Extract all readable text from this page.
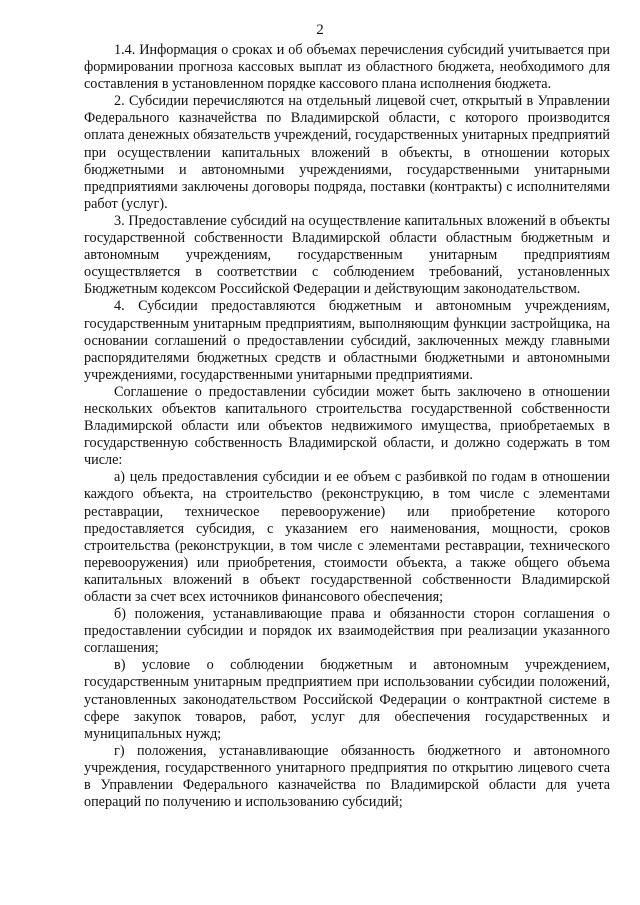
2

1.4. Информация о сроках и об объемах перечисления субсидий учитывается при формировании прогноза кассовых выплат из областного бюджета, необходимого для составления в установленном порядке кассового плана исполнения бюджета.

2. Субсидии перечисляются на отдельный лицевой счет, открытый в Управлении Федерального казначейства по Владимирской области, с которого производится оплата денежных обязательств учреждений, государственных унитарных предприятий при осуществлении капитальных вложений в объекты, в отношении которых бюджетными и автономными учреждениями, государственными унитарными предприятиями заключены договоры подряда, поставки (контракты) с исполнителями работ (услуг).

3. Предоставление субсидий на осуществление капитальных вложений в объекты государственной собственности Владимирской области областным бюджетным и автономным учреждениям, государственным унитарным предприятиям осуществляется в соответствии с соблюдением требований, установленных Бюджетным кодексом Российской Федерации и действующим законодательством.

4. Субсидии предоставляются бюджетным и автономным учреждениям, государственным унитарным предприятиям, выполняющим функции застройщика, на основании соглашений о предоставлении субсидий, заключенных между главными распорядителями бюджетных средств и областными бюджетными и автономными учреждениями, государственными унитарными предприятиями.

Соглашение о предоставлении субсидии может быть заключено в отношении нескольких объектов капитального строительства государственной собственности Владимирской области или объектов недвижимого имущества, приобретаемых в государственную собственность Владимирской области, и должно содержать в том числе:

а) цель предоставления субсидии и ее объем с разбивкой по годам в отношении каждого объекта, на строительство (реконструкцию, в том числе с элементами реставрации, техническое перевооружение) или приобретение которого предоставляется субсидия, с указанием его наименования, мощности, сроков строительства (реконструкции, в том числе с элементами реставрации, технического перевооружения) или приобретения, стоимости объекта, а также общего объема капитальных вложений в объект государственной собственности Владимирской области за счет всех источников финансового обеспечения;

б) положения, устанавливающие права и обязанности сторон соглашения о предоставлении субсидии и порядок их взаимодействия при реализации указанного соглашения;

в) условие о соблюдении бюджетным и автономным учреждением, государственным унитарным предприятием при использовании субсидии положений, установленных законодательством Российской Федерации о контрактной системе в сфере закупок товаров, работ, услуг для обеспечения государственных и муниципальных нужд;

г) положения, устанавливающие обязанность бюджетного и автономного учреждения, государственного унитарного предприятия по открытию лицевого счета в Управлении Федерального казначейства по Владимирской области для учета операций по получению и использованию субсидий;
